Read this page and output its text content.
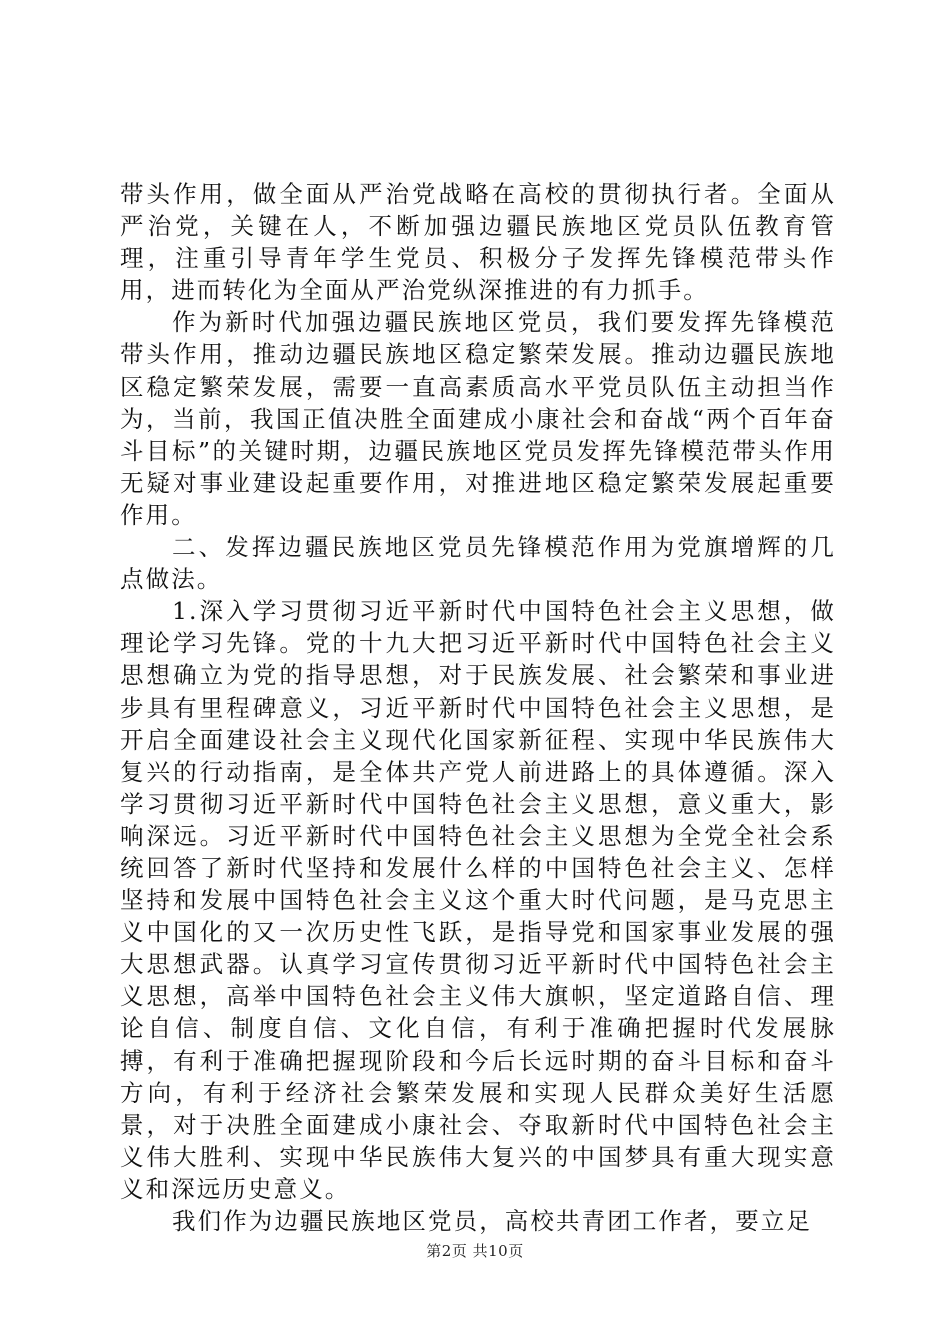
带头作用，做全面从严治党战略在高校的贯彻执行者。全面从严治党，关键在人，不断加强边疆民族地区党员队伍教育管理，注重引导青年学生党员、积极分子发挥先锋模范带头作用，进而转化为全面从严治党纵深推进的有力抓手。

作为新时代加强边疆民族地区党员，我们要发挥先锋模范带头作用，推动边疆民族地区稳定繁荣发展。推动边疆民族地区稳定繁荣发展，需要一直高素质高水平党员队伍主动担当作为，当前，我国正值决胜全面建成小康社会和奋战“两个百年奋斗目标”的关键时期，边疆民族地区党员发挥先锋模范带头作用无疑对事业建设起重要作用，对推进地区稳定繁荣发展起重要作用。

二、发挥边疆民族地区党员先锋模范作用为党旗增辉的几点做法。

1.深入学习贯彻习近平新时代中国特色社会主义思想，做理论学习先锋。党的十九大把习近平新时代中国特色社会主义思想确立为党的指导思想，对于民族发展、社会繁荣和事业进步具有里程碑意义，习近平新时代中国特色社会主义思想，是开启全面建设社会主义现代化国家新征程、实现中华民族伟大复兴的行动指南，是全体共产党人前进路上的具体遵循。深入学习贯彻习近平新时代中国特色社会主义思想，意义重大，影响深远。习近平新时代中国特色社会主义思想为全党全社会系统回答了新时代坚持和发展什么样的中国特色社会主义、怎样坚持和发展中国特色社会主义这个重大时代问题，是马克思主义中国化的又一次历史性飞跃，是指导党和国家事业发展的强大思想武器。认真学习宣传贯彻习近平新时代中国特色社会主义思想，高举中国特色社会主义伟大旗帜，坚定道路自信、理论自信、制度自信、文化自信，有利于准确把握时代发展脉搏，有利于准确把握现阶段和今后长远时期的奋斗目标和奋斗方向，有利于经济社会繁荣发展和实现人民群众美好生活愿景，对于决胜全面建成小康社会、夺取新时代中国特色社会主义伟大胜利、实现中华民族伟大复兴的中国梦具有重大现实意义和深远历史意义。

我们作为边疆民族地区党员，高校共青团工作者，要立足

第2页 共10页
